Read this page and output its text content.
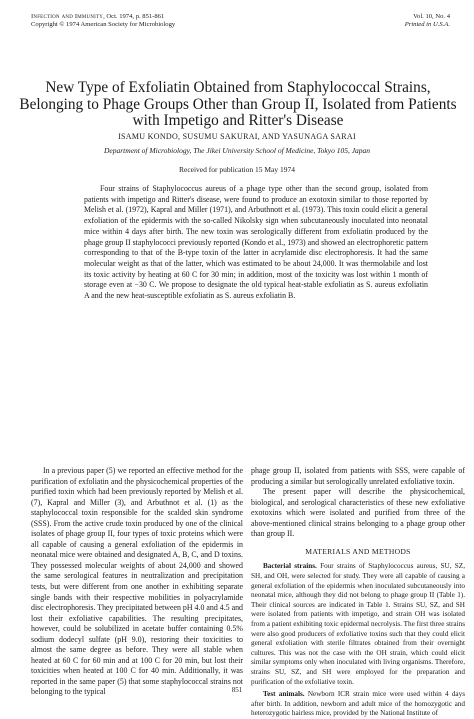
Infection and Immunity, Oct. 1974, p. 851-861
Copyright © 1974 American Society for Microbiology
Vol. 10, No. 4
Printed in U.S.A.
New Type of Exfoliatin Obtained from Staphylococcal Strains, Belonging to Phage Groups Other than Group II, Isolated from Patients with Impetigo and Ritter's Disease
ISAMU KONDO, SUSUMU SAKURAI, AND YASUNAGA SARAI
Department of Microbiology, The Jikei University School of Medicine, Tokyo 105, Japan
Received for publication 15 May 1974

Four strains of Staphylococcus aureus of a phage type other than the second group, isolated from patients with impetigo and Ritter's disease, were found to produce an exotoxin similar to those reported by Melish et al. (1972), Kapral and Miller (1971), and Arbuthnott et al. (1973). This toxin could elicit a general exfoliation of the epidermis with the so-called Nikolsky sign when subcutaneously inoculated into neonatal mice within 4 days after birth. The new toxin was serologically different from exfoliatin produced by the phage group II staphylococci previously reported (Kondo et al., 1973) and showed an electrophoretic pattern corresponding to that of the B-type toxin of the latter in acrylamide disc electrophoresis. It had the same molecular weight as that of the latter, which was estimated to be about 24,000. It was thermolabile and lost its toxic activity by heating at 60 C for 30 min; in addition, most of the toxicity was lost within 1 month of storage even at −30 C. We propose to designate the old typical heat-stable exfoliatin as S. aureus exfoliatin A and the new heat-susceptible exfoliatin as S. aureus exfoliatin B.

In a previous paper (5) we reported an effective method for the purification of exfoliatin and the physicochemical properties of the purified toxin which had been previously reported by Melish et al. (7), Kapral and Miller (3), and Arbuthnot et al. (1) as the staphylococcal toxin responsible for the scalded skin syndrome (SSS). From the active crude toxin produced by one of the clinical isolates of phage group II, four types of toxic proteins which were all capable of causing a general exfoliation of the epidermis in neonatal mice were obtained and designated A, B, C, and D toxins. They possessed molecular weights of about 24,000 and showed the same serological features in neutralization and precipitation tests, but were different from one another in exhibiting separate single bands with their respective mobilities in polyacrylamide disc electrophoresis. They precipitated between pH 4.0 and 4.5 and lost their exfoliative capabilities. The resulting precipitates, however, could be solubilized in acetate buffer containing 0.5% sodium dodecyl sulfate (pH 9.0), restoring their toxicities to almost the same degree as before. They were all stable when heated at 60 C for 60 min and at 100 C for 20 min, but lost their toxicities when heated at 100 C for 40 min. Additionally, it was reported in the same paper (5) that some staphylococcal strains not belonging to the typical

phage group II, isolated from patients with SSS, were capable of producing a similar but serologically unrelated exfoliative toxin.

The present paper will describe the physicochemical, biological, and serological characteristics of these new exfoliative exotoxins which were isolated and purified from three of the above-mentioned clinical strains belonging to a phage group other than group II.

MATERIALS AND METHODS

Bacterial strains. Four strains of Staphylococcus aureus, SU, SZ, SH, and OH, were selected for study. They were all capable of causing a general exfoliation of the epidermis when inoculated subcutaneously into neonatal mice, although they did not belong to phage group II (Table 1). Their clinical sources are indicated in Table 1. Strains SU, SZ, and SH were isolated from patients with impetigo, and strain OH was isolated from a patient exhibiting toxic epidermal necrolysis. The first three strains were also good producers of exfoliative toxins such that they could elicit general exfoliation with sterile filtrates obtained from their overnight cultures. This was not the case with the OH strain, which could elicit similar symptoms only when inoculated with living organisms. Therefore, strains SU, SZ, and SH were employed for the preparation and purification of the exfoliative toxin.

Test animals. Newborn ICR strain mice were used within 4 days after birth. In addition, newborn and adult mice of the homozygotic and heterozygotic hairless mice, provided by the National Institute of

851
